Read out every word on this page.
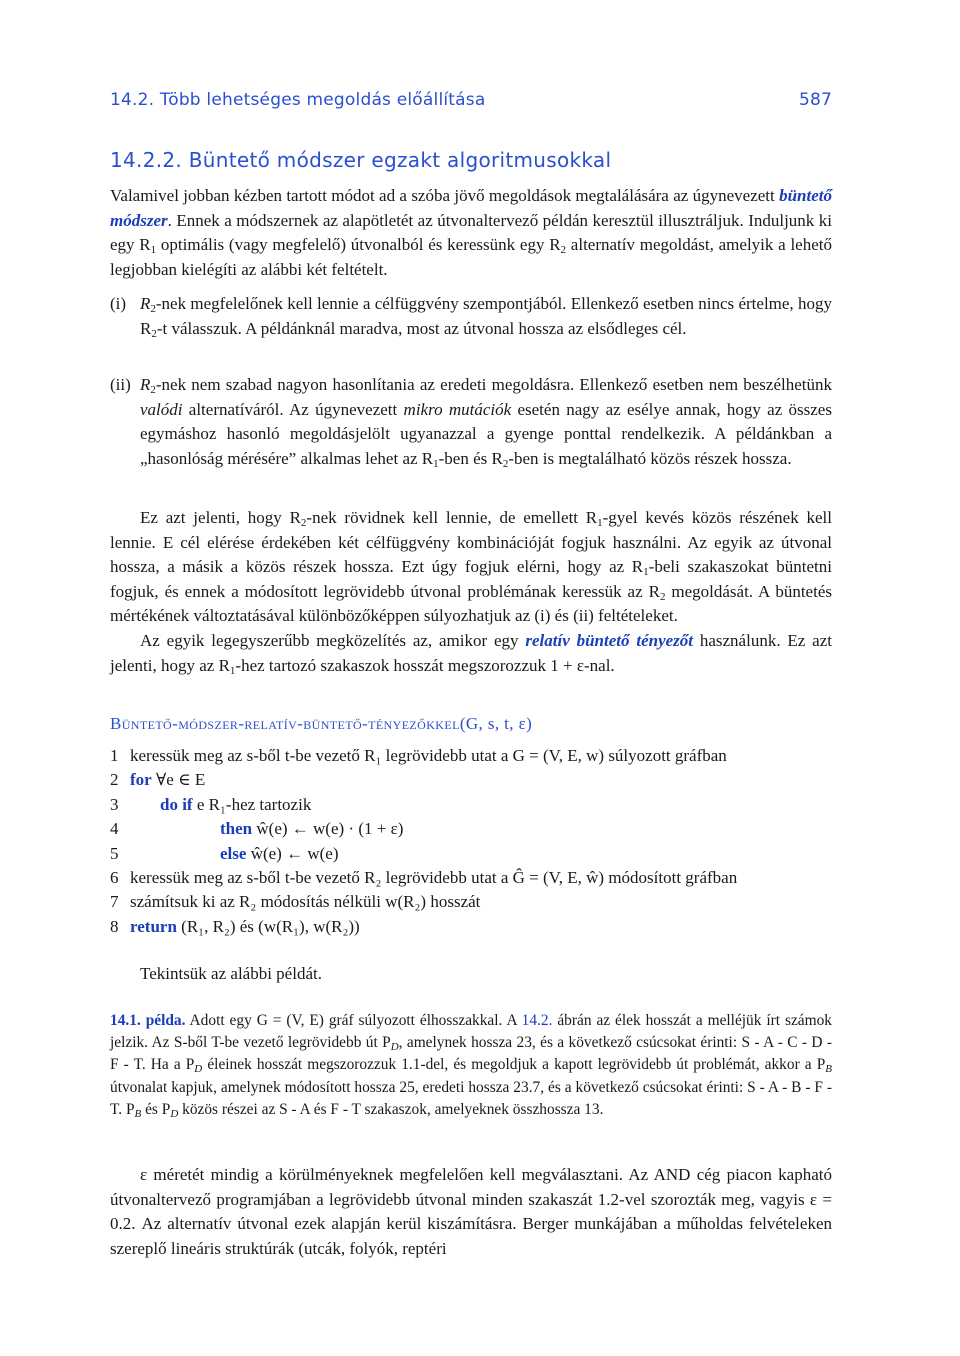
14.2. Több lehetséges megoldás előállítása	587
14.2.2. Büntető módszer egzakt algoritmusokkal

Valamivel jobban kézben tartott módot ad a szóba jövő megoldások megtalálására az úgynevezett büntető módszer. Ennek a módszernek az alapötletét az útvonaltervező példán keresztül illusztráljuk. Induljunk ki egy $R_1$ optimális (vagy megfelelő) útvonalból és keressünk egy $R_2$ alternatív megoldást, amelyik a lehető legjobban kielégíti az alábbi két feltételt.

(i) $R_2$-nek megfelelőnek kell lennie a célfüggvény szempontjából. Ellenkező esetben nincs értelme, hogy $R_2-t$ válasszuk. A példánknál maradva, most az útvonal hossza az elsődleges cél.
(ii) $R_2$-nek nem szabad nagyon hasonlítania az eredeti megoldásra. Ellenkező esetben nem beszélhetünk valódi alternatíváról. Az úgynevezett mikro mutációk esetén nagy az esélye annak, hogy az összes egymáshoz hasonló megoldásjelölt ugyanazzal a gyenge ponttal rendelkezik. A példánkban a „hasonlóság mérésére” alkalmas lehet az $R_1$-ben és $R_2$-ben is megtalálható közös részek hossza.

Ez azt jelenti, hogy $R_2$-nek rövidnek kell lennie, de emellett $R_1$-gyel kevés közös részének kell lennie. E cél elérése érdekében két célfüggvény kombinációját fogjuk használni. Az egyik az útvonal hossza, a másik a közös részek hossza. Ezt úgy fogjuk elérni, hogy az $R_1$-beli szakaszokat büntetni fogjuk, és ennek a módosított legrövidebb útvonal problémának keressük az $R_2$ megoldását. A büntetés mértékének változtatásával különbözőképpen súlyozhatjuk az (i) és (ii) feltételeket.

Az egyik legegyszerűbb megközelítés az, amikor egy relatív büntető tényezőt használunk. Ez azt jelenti, hogy az $R_1$-hez tartozó szakaszok hosszát megszorozzuk 1 + ε-nal.

Büntető-módszer-relatív-büntető-tényezőkkel(G, s, t, ε)
1 keressük meg az s-ből t-be vezető R₁ legrövidebb utat a G = (V, E, w) súlyozott gráfban
2 for ∀e ∈ E
3 do if e R₁-hez tartozik
4	then ŵ(e) ← w(e) · (1 + ε)
5	else ŵ(e) ← w(e)
6 keressük meg az s-ből t-be vezető R₂ legrövidebb utat a Ĝ = (V, E, ŵ) módosított gráfban
7 számítsuk ki az R₂ módosítás nélküli w(R₂) hosszát
8 return (R₁, R₂) és (w(R₁), w(R₂))
Tekintsük az alábbi példát.
14.1. példa. Adott egy G = (V, E) gráf súlyozott élhosszakkal. A 14.2. ábrán az élek hosszát a melléjük írt számok jelzik. Az S-ből T-be vezető legrövidebb út $P_D$, amelynek hossza 23, és a következő csúcsokat érinti: S - A - C - D - F - T. Ha a $P_D$ éleinek hosszát megszorozzuk 1.1-del, és megoldjuk a kapott legrövidebb út problémát, akkor a $P_B$ útvonalat kapjuk, amelynek módosított hossza 25, eredeti hossza 23.7, és a következő csúcsokat érinti: S - A - B - F - T. $P_B$ és $P_D$ közös részei az S - A és F - T szakaszok, amelyeknek összhossza 13.

ε méretét mindig a körülményeknek megfelelően kell megválasztani. Az AND cég piacon kapható útvonaltervező programjában a legrövidebb útvonal minden szakaszát 1.2-vel szorozták meg, vagyis ε = 0.2. Az alternatív útvonal ezek alapján kerül kiszámításra. Berger munkájában a műholdas felvételeken szereplő lineáris struktúrák (utcák, folyók, reptéri
